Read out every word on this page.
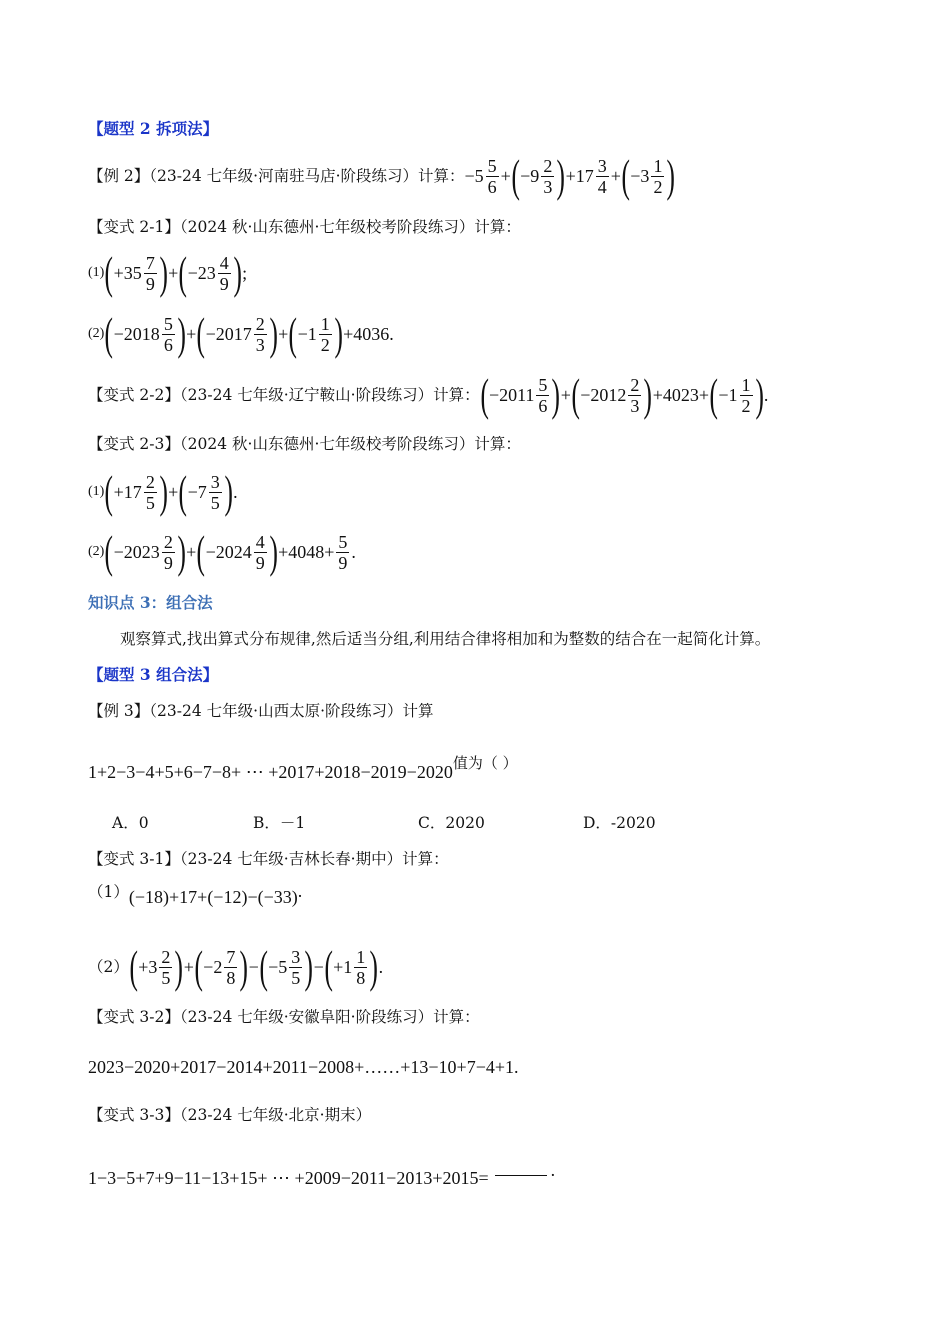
【题型 2 拆项法】
【例 2】（23-24 七年级·河南驻马店·阶段练习）计算： $-5 \frac{5}{6}$ + ( $-9 \frac{2}{3}$ ) $+17 \frac{3}{4}$ + ( $-3 \frac{1}{2}$ )
【变式 2-1】（2024 秋·山东德州·七年级校考阶段练习）计算：
(1) ( $+35 \frac{7}{9}$ ) + ( $-23 \frac{4}{9}$ ) ;
(2) ( $-2018 \frac{5}{6}$ ) + ( $-2017 \frac{2}{3}$ ) + ( $-1 \frac{1}{2}$ ) +4036.
【变式 2-2】（23-24 七年级·辽宁鞍山·阶段练习）计算： ( $-2011 \frac{5}{6}$ ) + ( $-2012 \frac{2}{3}$ ) +4023+ ( $-1 \frac{1}{2}$ ) .
【变式 2-3】（2024 秋·山东德州·七年级校考阶段练习）计算：
(1) ( $+17 \frac{2}{5}$ ) + ( $-7 \frac{3}{5}$ ) .
(2) ( $-2023 \frac{2}{9}$ ) + ( $-2024 \frac{4}{9}$ ) $+4048+ \frac{5}{9}$ .
知识点 3：组合法
观察算式,找出算式分布规律,然后适当分组,利用结合律将相加和为整数的结合在一起简化计算。
【题型 3 组合法】
【例 3】（23-24 七年级·山西太原·阶段练习）计算
1+2−3−4+5+6−7−8+ ⋯ +2017+2018−2019−2020值为（ ）
A．0	B．－1	C．2020	D．-2020
【变式 3-1】（23-24 七年级·吉林长春·期中）计算：
（1）(−18)+17+(−12)−(−33).
（2） ( $+3 \frac{2}{5}$ ) + ( $-2 \frac{7}{8}$ ) − ( $-5 \frac{3}{5}$ ) − ( $+1 \frac{1}{8}$ ) .
【变式 3-2】（23-24 七年级·安徽阜阳·阶段练习）计算：
2023−2020+2017−2014+2011−2008+……+13−10+7−4+1.
【变式 3-3】（23-24 七年级·北京·期末）
1−3−5+7+9−11−13+15+ ⋯ +2009−2011−2013+2015=	.
